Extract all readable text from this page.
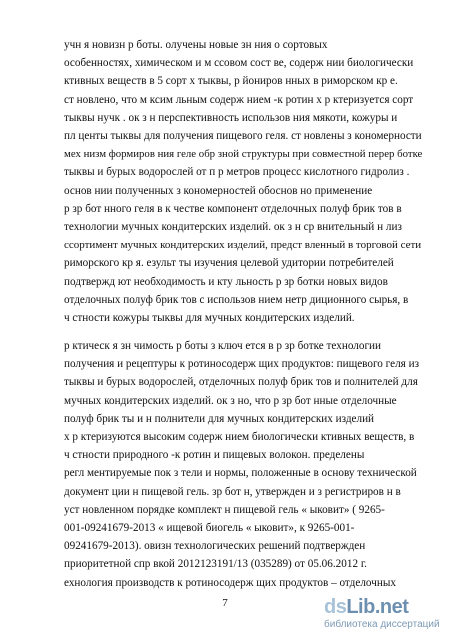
учн я новизн р боты. олучены новые зн ния о сортовых
особенностях, химическом и м ссовом сост ве, содерж нии биологически
ктивных веществ в 5 сорт х тыквы, р йониров нных в риморском кр е.
ст новлено, что м ксим льным содерж нием -к ротин х р ктеризуется сорт
тыквы нучк . ок з н перспективность использов ния мякоти, кожуры и
пл центы тыквы для получения пищевого геля. ст новлены з кономерности
мех низм формиров ния геле обр зной структуры при совместной перер ботке
тыквы и бурых водорослей от п р метров процесс кислотного гидролиз .
основ нии полученных з кономерностей обоснов но применение
р зр бот нного геля в к честве компонент отделочных полуф брик тов в
технологии мучных кондитерских изделий. ок з н ср внительный н лиз
ссортимент мучных кондитерских изделий, предст вленный в торговой сети
риморского кр я. езульт ты изучения целевой удитории потребителей
подтвержд ют необходимость и кту льность р зр ботки новых видов
отделочных полуф брик тов с использов нием нетр диционного сырья, в
ч стности кожуры тыквы для мучных кондитерских изделий.
р ктическ я зн чимость р боты з ключ ется в р зр ботке технологии
получения и рецептуры к ротиносодерж щих продуктов: пищевого геля из
тыквы и бурых водорослей, отделочных полуф брик тов и полнителей для
мучных кондитерских изделий. ок з но, что р зр бот нные отделочные
полуф брик ты и н полнители для мучных кондитерских изделий
х р ктеризуются высоким содерж нием биологически ктивных веществ, в
ч стности природного -к ротин и пищевых волокон. пределены
регл ментируемые пок з тели и нормы, положенные в основу технической
документ ции н пищевой гель. зр бот н, утвержден и з регистриров н в
уст новленном порядке комплект н пищевой гель « ыковит» ( 9265-
001-09241679-2013 « ищевой биогель « ыковит», к 9265-001-
09241679-2013). овизн технологических решений подтвержден
приоритетной спр вкой 2012123191/13 (035289) от 05.06.2012 г.
ехнология производств к ротиносодерж щих продуктов – отделочных
7	dsLib.net
библиотека диссертаций
